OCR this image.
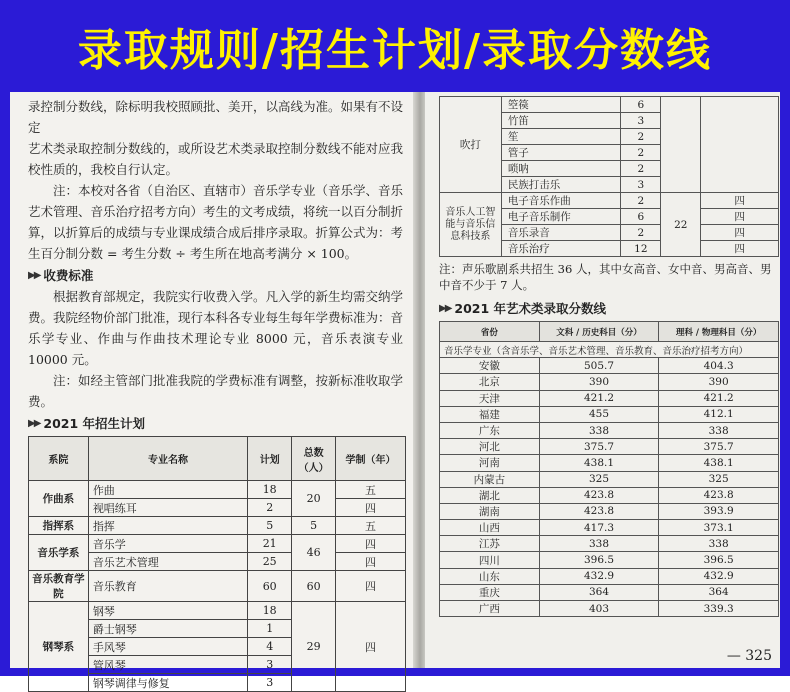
录取规则/招生计划/录取分数线

录控制分数线，除标明我校照顾批、美开，以高线为准。如果有不设定

艺术类录取控制分数线的，或所设艺术类录取控制分数线不能对应我

校性质的，我校自行认定。

注：本校对各省（自治区、直辖市）音乐学专业（音乐学、音乐艺术管理、音乐治疗招考方向）考生的文考成绩，将统一以百分制折算，以折算后的成绩与专业课成绩合成后排序录取。折算公式为：考生百分制分数 = 考生分数 ÷ 考生所在地高考满分 × 100。

▶▶ 收费标准

根据教育部规定，我院实行收费入学。凡入学的新生均需交纳学费。我院经物价部门批准，现行本科各专业每生每年学费标准为：音乐学专业、作曲与作曲技术理论专业 8000 元，音乐表演专业 10000 元。

注：如经主管部门批准我院的学费标准有调整，按新标准收取学费。

▶▶ 2021 年招生计划
系院	专业名称	计划	总数（人）	学制（年）
作曲系	作曲	18	20	五
	视唱练耳	2		四
指挥系	指挥	5	5	五
音乐学系	音乐学	21	46	四
	音乐艺术管理	25		四
音乐教育学院	音乐教育	60	60	四
钢琴系	钢琴	18	29	四
	爵士钢琴	1		
	手风琴	4		
	管风琴	3		
	钢琴调律与修复	3		
吹打	箜篌	6		
	竹笛	3		
	笙	2		
	管子	2		
	唢呐	2		
	民族打击乐	3		
音乐人工智能与音乐信息科技系	电子音乐作曲	2	22	四
	电子音乐制作	6		四
	音乐录音	2		四
	音乐治疗	12		四

注：声乐歌剧系共招生 36 人，其中女高音、女中音、男高音、男中音不少于 7 人。

▶▶ 2021 年艺术类录取分数线
省份	文科 / 历史科目（分）	理科 / 物理科目（分）
音乐学专业（含音乐学、音乐艺术管理、音乐教育、音乐治疗招考方向）		
安徽	505.7	404.3
北京	390	390
天津	421.2	421.2
福建	455	412.1
广东	338	338
河北	375.7	375.7
河南	438.1	438.1
内蒙古	325	325
湖北	423.8	423.8
湖南	423.8	393.9
山西	417.3	373.1
江苏	338	338
四川	396.5	396.5
山东	432.9	432.9
重庆	364	364
广西	403	339.3
— 325
